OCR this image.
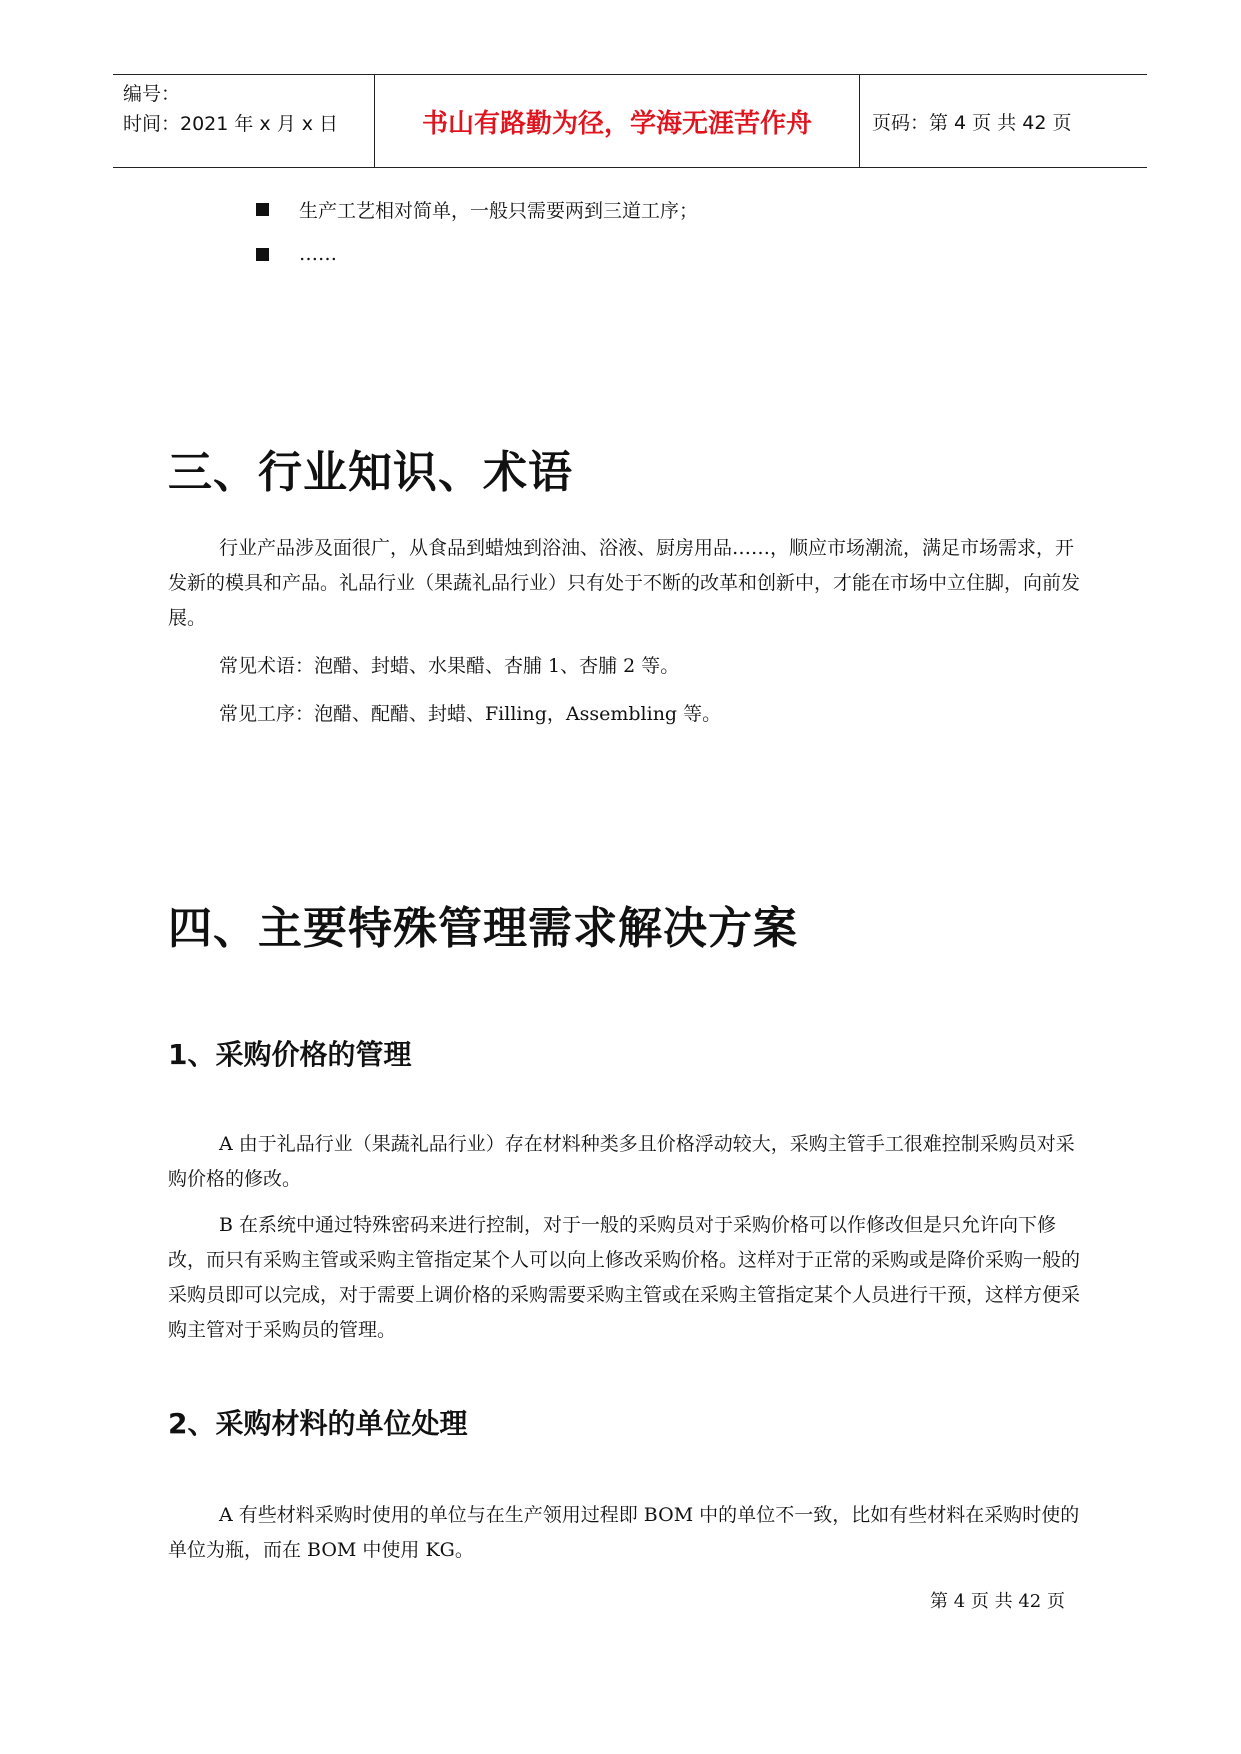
编号：
时间：2021 年 x 月 x 日	书山有路勤为径，学海无涯苦作舟	页码：第 4 页 共 42 页
生产工艺相对简单，一般只需要两到三道工序；
……
三、行业知识、术语
行业产品涉及面很广，从食品到蜡烛到浴油、浴液、厨房用品……，顺应市场潮流，满足市场需求，开发新的模具和产品。礼品行业（果蔬礼品行业）只有处于不断的改革和创新中，才能在市场中立住脚，向前发展。
常见术语：泡醋、封蜡、水果醋、杏脯 1、杏脯 2 等。
常见工序：泡醋、配醋、封蜡、Filling，Assembling 等。
四、主要特殊管理需求解决方案
1、采购价格的管理
A 由于礼品行业（果蔬礼品行业）存在材料种类多且价格浮动较大，采购主管手工很难控制采购员对采购价格的修改。
B 在系统中通过特殊密码来进行控制，对于一般的采购员对于采购价格可以作修改但是只允许向下修改，而只有采购主管或采购主管指定某个人可以向上修改采购价格。这样对于正常的采购或是降价采购一般的采购员即可以完成，对于需要上调价格的采购需要采购主管或在采购主管指定某个人员进行干预，这样方便采购主管对于采购员的管理。
2、采购材料的单位处理
A 有些材料采购时使用的单位与在生产领用过程即 BOM 中的单位不一致，比如有些材料在采购时使的单位为瓶，而在 BOM 中使用 KG。
第 4 页 共 42 页
